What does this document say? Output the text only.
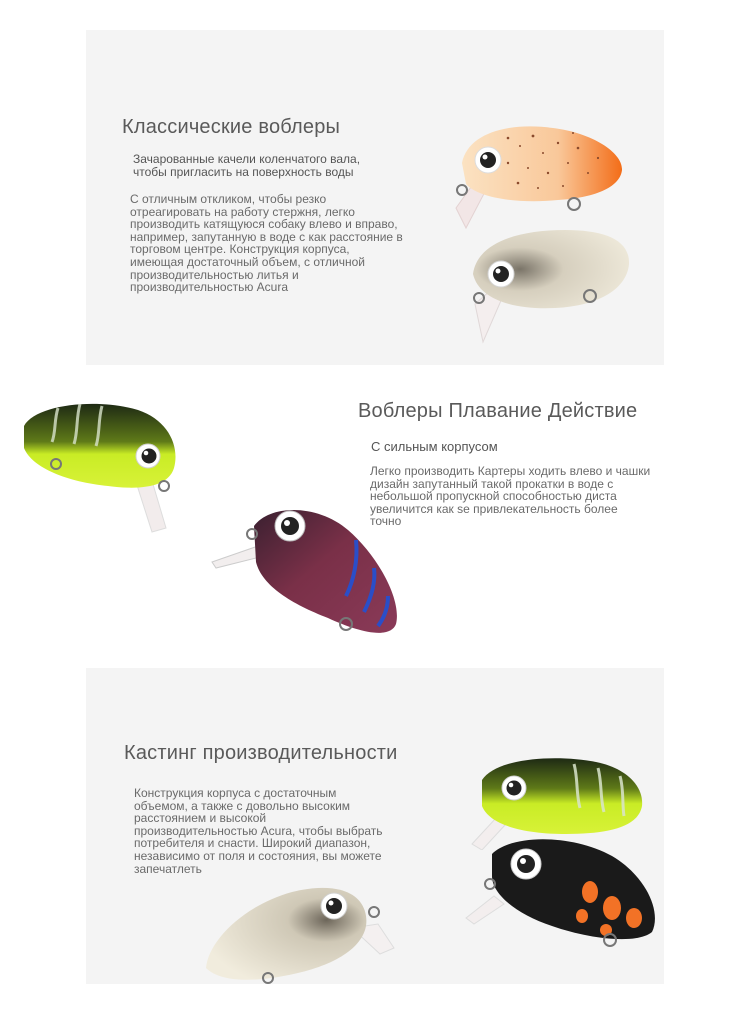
Классические воблеры
Зачарованные качели коленчатого вала,
чтобы пригласить на поверхность воды
С отличным откликом, чтобы резко
отреагировать на работу стержня, легко
производить катящуюся собаку влево и вправо,
например, запутанную в воде с как расстояние в
торговом центре. Конструкция корпуса,
имеющая достаточный объем, с отличной
производительностью литья и
производительностью Acura
Воблеры Плавание Действие
С сильным корпусом
Легко производить Картеры ходить влево и чашки
дизайн запутанный такой прокатки в воде с
небольшой пропускной способностью диста
увеличится как se привлекательность более
точно
Кастинг производительности
Конструкция корпуса с достаточным
объемом, а также с довольно высоким
расстоянием и высокой
производительностью Acura, чтобы выбрать
потребителя и снасти. Широкий диапазон,
независимо от поля и состояния, вы можете
запечатлеть
